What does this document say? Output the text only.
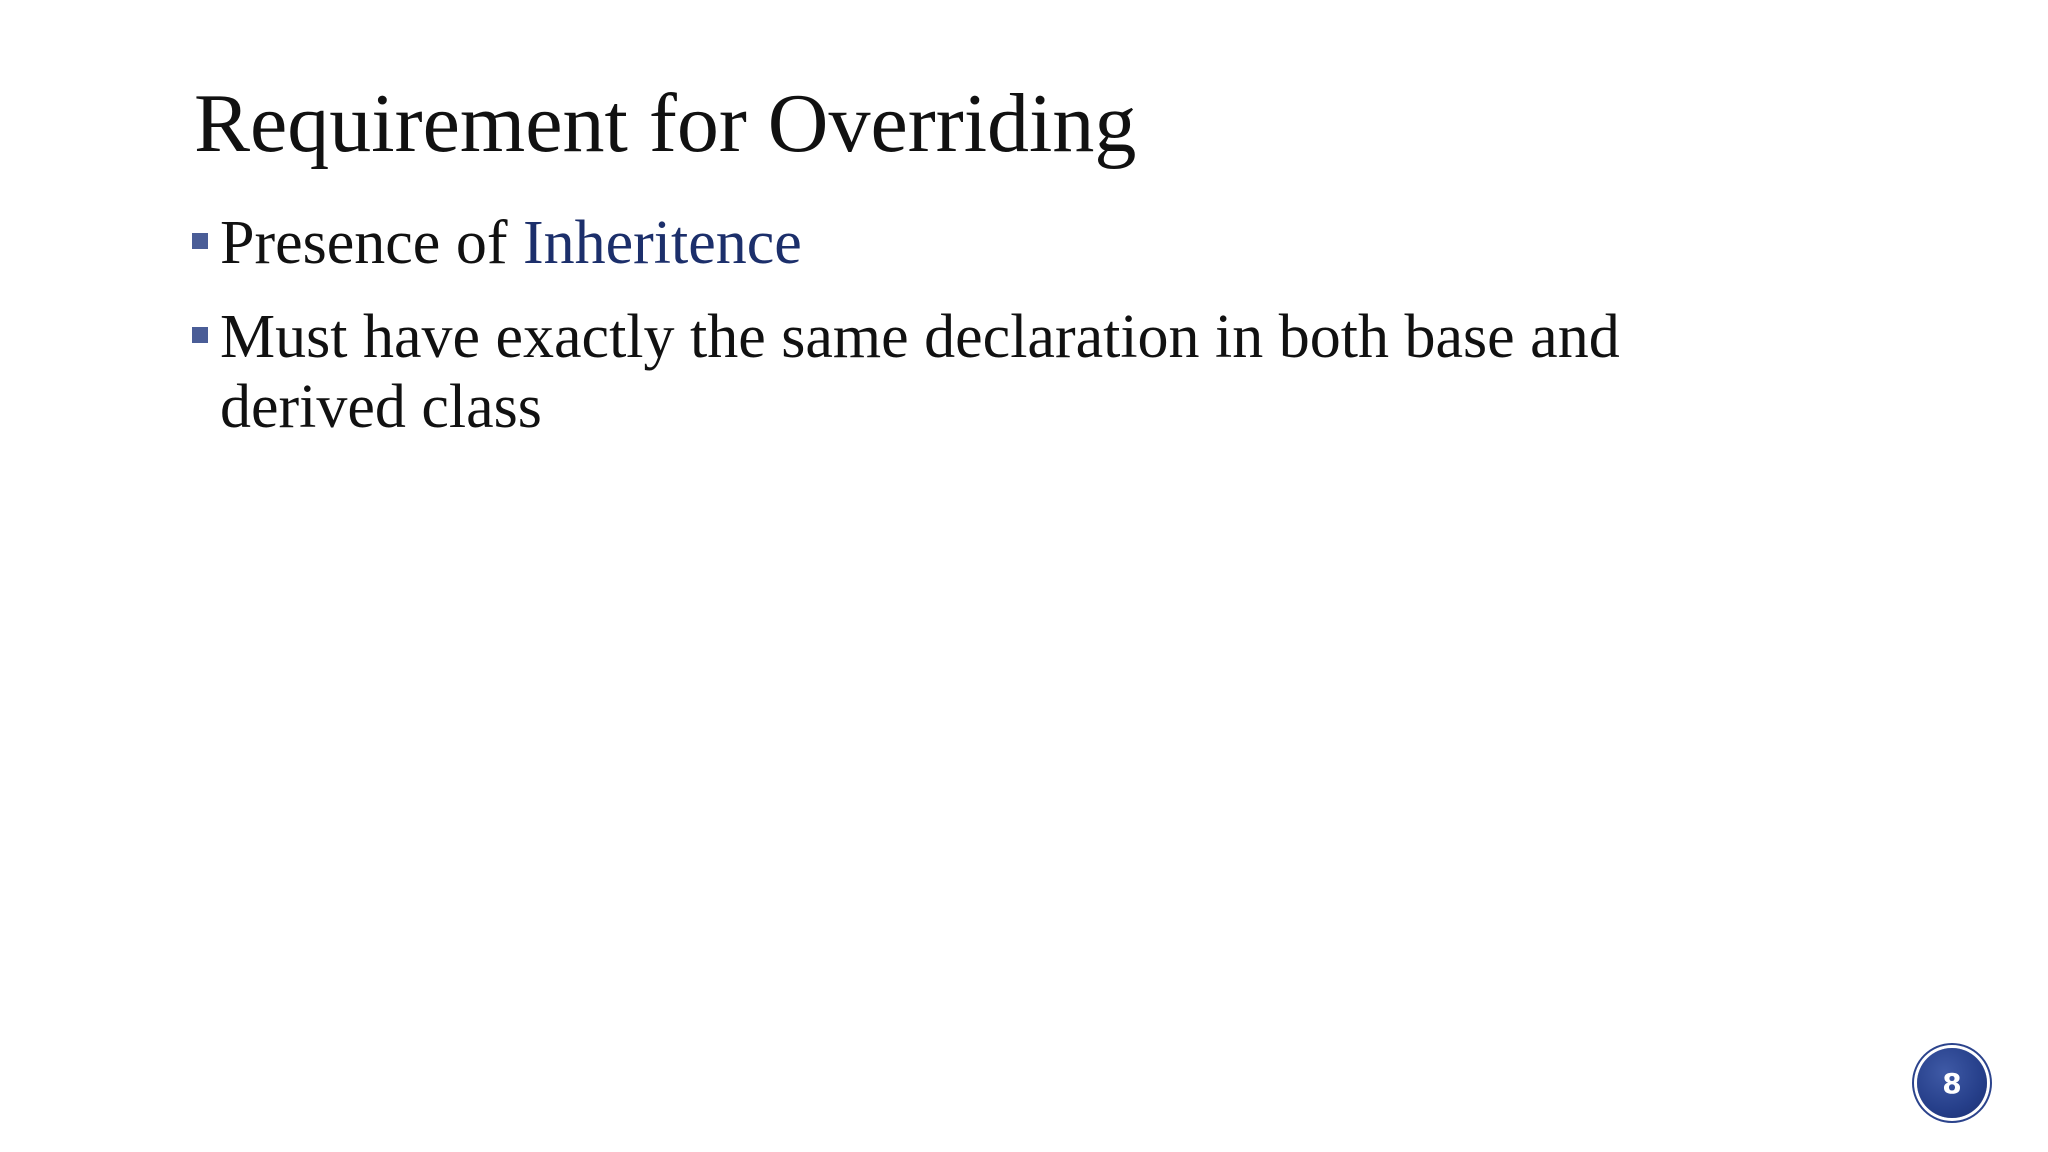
Requirement for Overriding
Presence of Inheritence
Must have exactly the same declaration in both base and derived class
8
